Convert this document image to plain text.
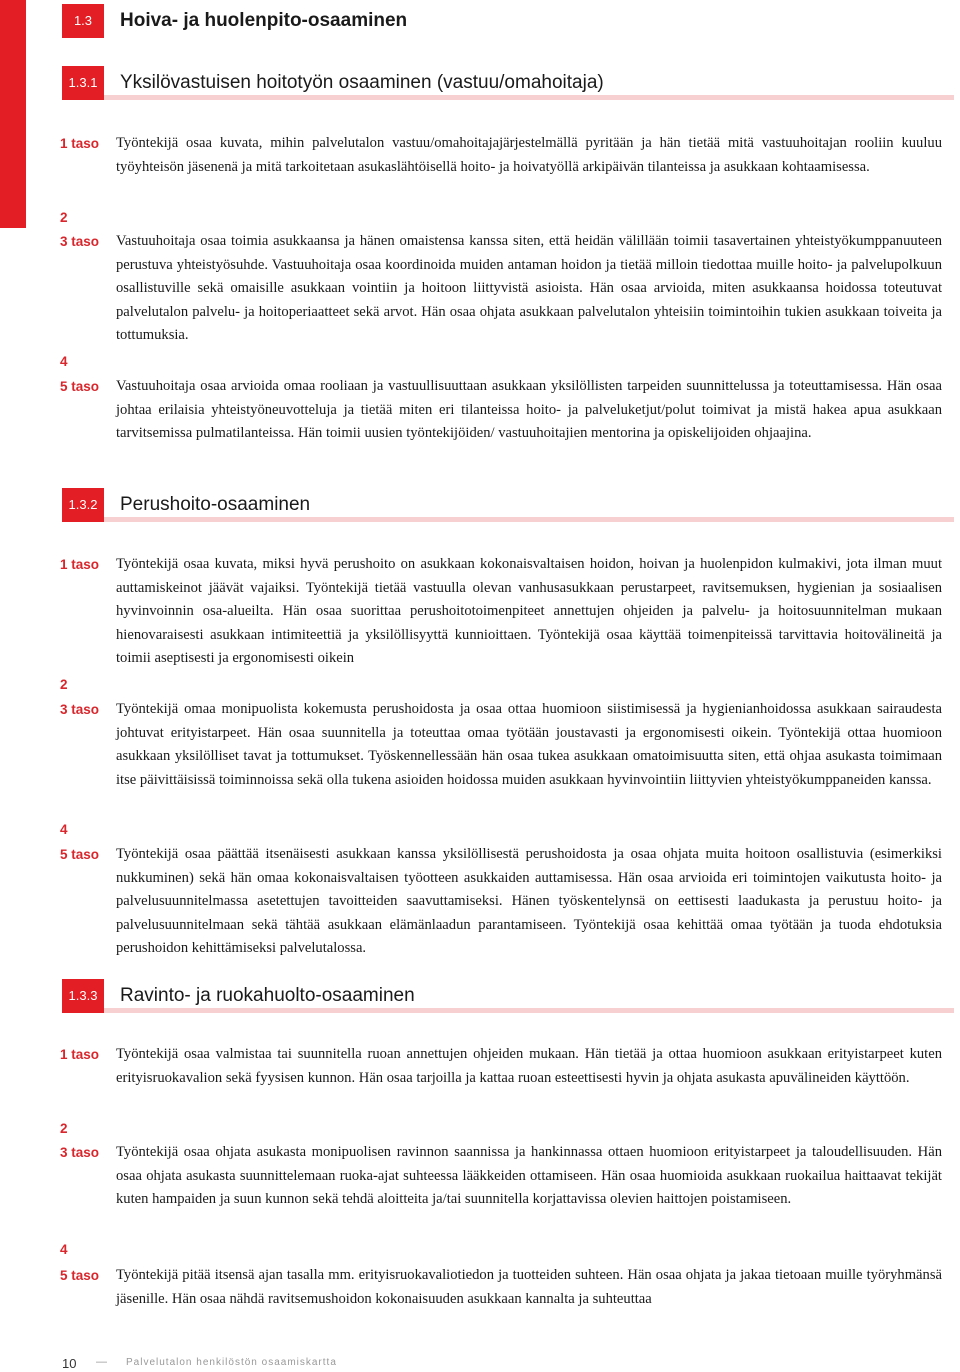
1.3	Hoiva- ja huolenpito-osaaminen
1.3.1	Yksilövastuisen hoitotyön osaaminen (vastuu/omahoitaja)
1 taso Työntekijä osaa kuvata, mihin palvelutalon vastuu/omahoitajajärjestelmällä pyritään ja hän tietää mitä vastuuhoitajan rooliin kuuluu työyhteisön jäsenenä ja mitä tarkoitetaan asukaslähtöisellä hoito- ja hoivatyöllä arkipäivän tilanteissa ja asukkaan kohtaamisessa.
2
3 taso Vastuuhoitaja osaa toimia asukkaansa ja hänen omaistensa kanssa siten, että heidän välillään toimii tasavertainen yhteistyökumppanuuteen perustuva yhteistyösuhde. Vastuuhoitaja osaa koordinoida muiden antaman hoidon ja tietää milloin tiedottaa muille hoito- ja palvelupolkuun osallistuville sekä omaisille asukkaan vointiin ja hoitoon liittyvistä asioista. Hän osaa arvioida, miten asukkaansa hoidossa toteutuvat palvelutalon palvelu- ja hoitoperiaatteet sekä arvot. Hän osaa ohjata asukkaan palvelutalon yhteisiin toimintoihin tukien asukkaan toiveita ja tottumuksia.
4
5 taso Vastuuhoitaja osaa arvioida omaa rooliaan ja vastuullisuuttaan asukkaan yksilöllisten tarpeiden suunnittelussa ja toteuttamisessa. Hän osaa johtaa erilaisia yhteistyöneuvotteluja ja tietää miten eri tilanteissa hoito- ja palveluketjut/polut toimivat ja mistä hakea apua asukkaan tarvitsemissa pulmatilanteissa. Hän toimii uusien työntekijöiden/ vastuuhoitajien mentorina ja opiskelijoiden ohjaajina.
1.3.2	Perushoito-osaaminen
1 taso Työntekijä osaa kuvata, miksi hyvä perushoito on asukkaan kokonaisvaltaisen hoidon, hoivan ja huolenpidon kulmakivi, jota ilman muut auttamiskeinot jäävät vajaiksi. Työntekijä tietää vastuulla olevan vanhusasukkaan perustarpeet, ravitsemuksen, hygienian ja sosiaalisen hyvinvoinnin osa-alueilta. Hän osaa suorittaa perushoitotoimenpiteet annettujen ohjeiden ja palvelu- ja hoitosuunnitelman mukaan hienovaraisesti asukkaan intimiteettiä ja yksilöllisyyttä kunnioittaen. Työntekijä osaa käyttää toimenpiteissä tarvittavia hoitovälineitä ja toimii aseptisesti ja ergonomisesti oikein
2
3 taso Työntekijä omaa monipuolista kokemusta perushoidosta ja osaa ottaa huomioon siistimisessä ja hygienianhoidossa asukkaan sairaudesta johtuvat erityistarpeet. Hän osaa suunnitella ja toteuttaa omaa työtään joustavasti ja ergonomisesti oikein. Työntekijä ottaa huomioon asukkaan yksilölliset tavat ja tottumukset. Työskennellessään hän osaa tukea asukkaan omatoimisuutta siten, että ohjaa asukasta toimimaan itse päivittäisissä toiminnoissa sekä olla tukena asioiden hoidossa muiden asukkaan hyvinvointiin liittyvien yhteistyökumppaneiden kanssa.
4
5 taso Työntekijä osaa päättää itsenäisesti asukkaan kanssa yksilöllisestä perushoidosta ja osaa ohjata muita hoitoon osallistuvia (esimerkiksi nukkuminen) sekä hän omaa kokonaisvaltaisen työotteen asukkaiden auttamisessa. Hän osaa arvioida eri toimintojen vaikutusta hoito- ja palvelusuunnitelmassa asetettujen tavoitteiden saavuttamiseksi. Hänen työskentelynsä on eettisesti laadukasta ja perustuu hoito- ja palvelusuunnitelmaan sekä tähtää asukkaan elämänlaadun parantamiseen. Työntekijä osaa kehittää omaa työtään ja tuoda ehdotuksia perushoidon kehittämiseksi palvelutalossa.
1.3.3	Ravinto- ja ruokahuolto-osaaminen
1 taso Työntekijä osaa valmistaa tai suunnitella ruoan annettujen ohjeiden mukaan. Hän tietää ja ottaa huomioon asukkaan erityistarpeet kuten erityisruokavalion sekä fyysisen kunnon. Hän osaa tarjoilla ja kattaa ruoan esteettisesti hyvin ja ohjata asukasta apuvälineiden käyttöön.
2
3 taso Työntekijä osaa ohjata asukasta monipuolisen ravinnon saannissa ja hankinnassa ottaen huomioon erityistarpeet ja taloudellisuuden. Hän osaa ohjata asukasta suunnittelemaan ruoka-ajat suhteessa lääkkeiden ottamiseen. Hän osaa huomioida asukkaan ruokailua haittaavat tekijät kuten hampaiden ja suun kunnon sekä tehdä aloitteita ja/tai suunnitella korjattavissa olevien haittojen poistamiseen.
4
5 taso Työntekijä pitää itsensä ajan tasalla mm. erityisruokavaliotiedon ja tuotteiden suhteen. Hän osaa ohjata ja jakaa tietoaan muille työryhmänsä jäsenille. Hän osaa nähdä ravitsemushoidon kokonaisuuden asukkaan kannalta ja suhteuttaa
10 — Palvelutalon henkilöstön osaamiskartta
